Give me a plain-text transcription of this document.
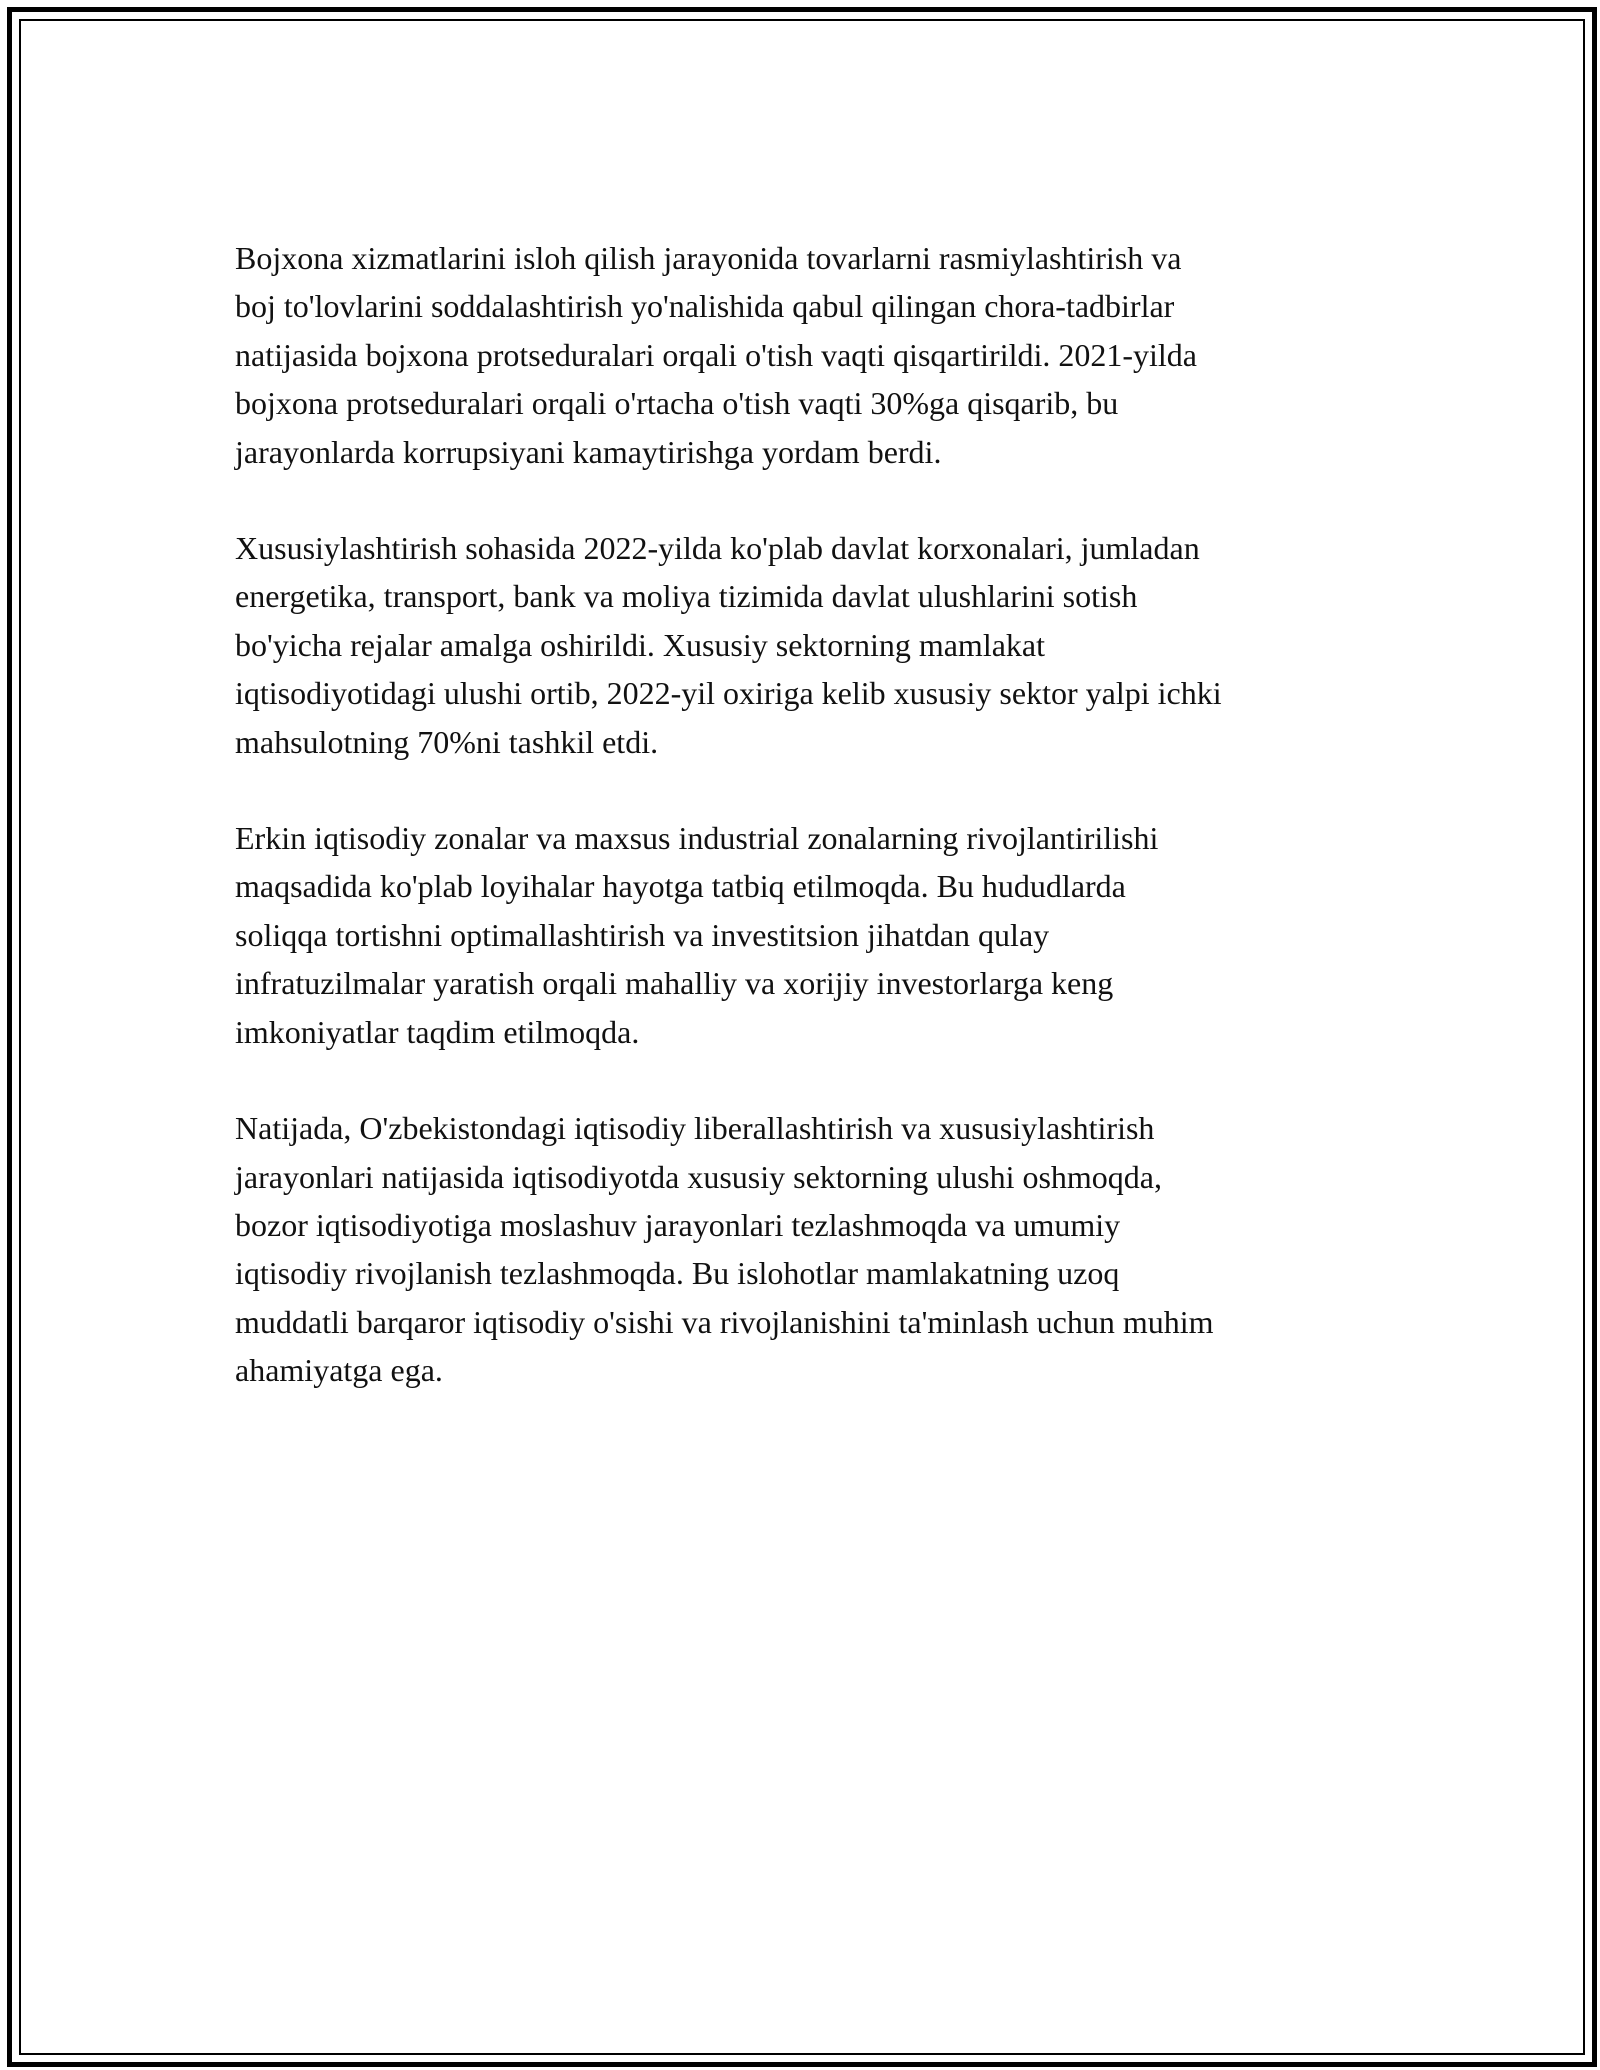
Bojxona xizmatlarini isloh qilish jarayonida tovarlarni rasmiylashtirish va
boj to'lovlarini soddalashtirish yo'nalishida qabul qilingan chora-tadbirlar
natijasida bojxona protseduralari orqali o'tish vaqti qisqartirildi. 2021-yilda
bojxona protseduralari orqali o'rtacha o'tish vaqti 30%ga qisqarib, bu
jarayonlarda korrupsiyani kamaytirishga yordam berdi.

Xususiylashtirish sohasida 2022-yilda ko'plab davlat korxonalari, jumladan
energetika, transport, bank va moliya tizimida davlat ulushlarini sotish
bo'yicha rejalar amalga oshirildi. Xususiy sektorning mamlakat
iqtisodiyotidagi ulushi ortib, 2022-yil oxiriga kelib xususiy sektor yalpi ichki
mahsulotning 70%ni tashkil etdi.

Erkin iqtisodiy zonalar va maxsus industrial zonalarning rivojlantirilishi
maqsadida ko'plab loyihalar hayotga tatbiq etilmoqda. Bu hududlarda
soliqqa tortishni optimallashtirish va investitsion jihatdan qulay
infratuzilmalar yaratish orqali mahalliy va xorijiy investorlarga keng
imkoniyatlar taqdim etilmoqda.

Natijada, O'zbekistondagi iqtisodiy liberallashtirish va xususiylashtirish
jarayonlari natijasida iqtisodiyotda xususiy sektorning ulushi oshmoqda,
bozor iqtisodiyotiga moslashuv jarayonlari tezlashmoqda va umumiy
iqtisodiy rivojlanish tezlashmoqda. Bu islohotlar mamlakatning uzoq
muddatli barqaror iqtisodiy o'sishi va rivojlanishini ta'minlash uchun muhim
ahamiyatga ega.
